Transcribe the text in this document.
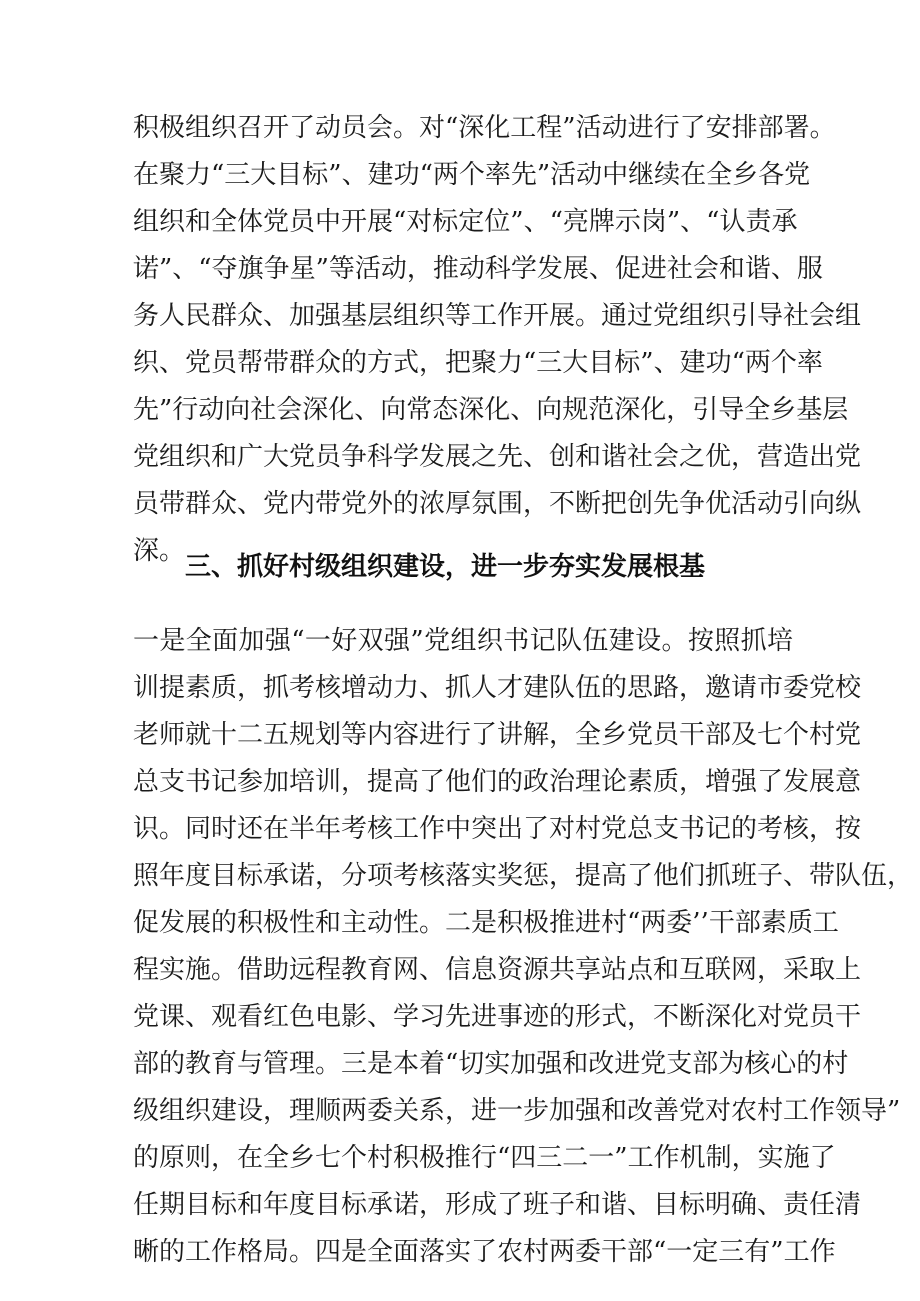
积极组织召开了动员会。对“深化工程”活动进行了安排部署。
在聚力“三大目标”、建功“两个率先”活动中继续在全乡各党
组织和全体党员中开展“对标定位”、“亮牌示岗”、“认责承
诺”、“夺旗争星”等活动，推动科学发展、促进社会和谐、服
务人民群众、加强基层组织等工作开展。通过党组织引导社会组
织、党员帮带群众的方式，把聚力“三大目标”、建功“两个率
先”行动向社会深化、向常态深化、向规范深化，引导全乡基层
党组织和广大党员争科学发展之先、创和谐社会之优，营造出党
员带群众、党内带党外的浓厚氛围，不断把创先争优活动引向纵
深。
三、抓好村级组织建设，进一步夯实发展根基
一是全面加强“一好双强”党组织书记队伍建设。按照抓培
训提素质，抓考核增动力、抓人才建队伍的思路，邀请市委党校
老师就十二五规划等内容进行了讲解，全乡党员干部及七个村党
总支书记参加培训，提高了他们的政治理论素质，增强了发展意
识。同时还在半年考核工作中突出了对村党总支书记的考核，按
照年度目标承诺，分项考核落实奖惩，提高了他们抓班子、带队伍，
促发展的积极性和主动性。二是积极推进村“两委’’干部素质工
程实施。借助远程教育网、信息资源共享站点和互联网，采取上
党课、观看红色电影、学习先进事迹的形式，不断深化对党员干
部的教育与管理。三是本着“切实加强和改进党支部为核心的村
级组织建设，理顺两委关系，进一步加强和改善党对农村工作领导”
的原则，在全乡七个村积极推行“四三二一”工作机制，实施了
任期目标和年度目标承诺，形成了班子和谐、目标明确、责任清
晰的工作格局。四是全面落实了农村两委干部“一定三有”工作
